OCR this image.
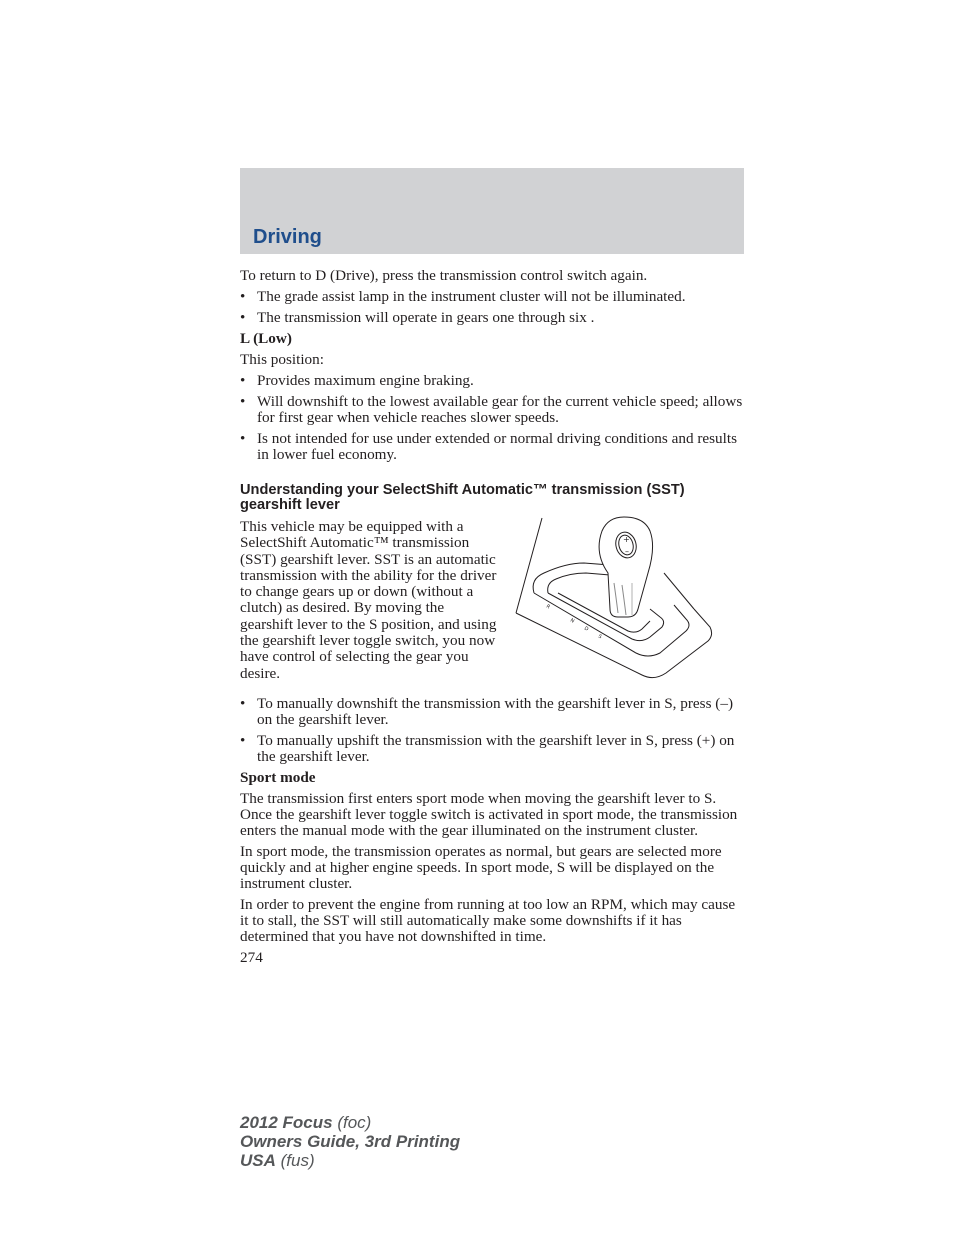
Driving

To return to D (Drive), press the transmission control switch again.

• The grade assist lamp in the instrument cluster will not be illuminated.
• The transmission will operate in gears one through six .

L (Low)

This position:

• Provides maximum engine braking.
• Will downshift to the lowest available gear for the current vehicle speed; allows for first gear when vehicle reaches slower speeds.
• Is not intended for use under extended or normal driving conditions and results in lower fuel economy.
Understanding your SelectShift Automatic™ transmission (SST) gearshift lever

This vehicle may be equipped with a SelectShift Automatic™ transmission (SST) gearshift lever. SST is an automatic transmission with the ability for the driver to change gears up or down (without a clutch) as desired. By moving the gearshift lever to the S position, and using the gearshift lever toggle switch, you now have control of selecting the gear you desire.

+
–
R
N
D
S
• To manually downshift the transmission with the gearshift lever in S, press (–) on the gearshift lever.
• To manually upshift the transmission with the gearshift lever in S, press (+) on the gearshift lever.

Sport mode

The transmission first enters sport mode when moving the gearshift lever to S. Once the gearshift lever toggle switch is activated in sport mode, the transmission enters the manual mode with the gear illuminated on the instrument cluster.

In sport mode, the transmission operates as normal, but gears are selected more quickly and at higher engine speeds. In sport mode, S will be displayed on the instrument cluster.

In order to prevent the engine from running at too low an RPM, which may cause it to stall, the SST will still automatically make some downshifts if it has determined that you have not downshifted in time.

274
2012 Focus (foc)
Owners Guide, 3rd Printing
USA (fus)
